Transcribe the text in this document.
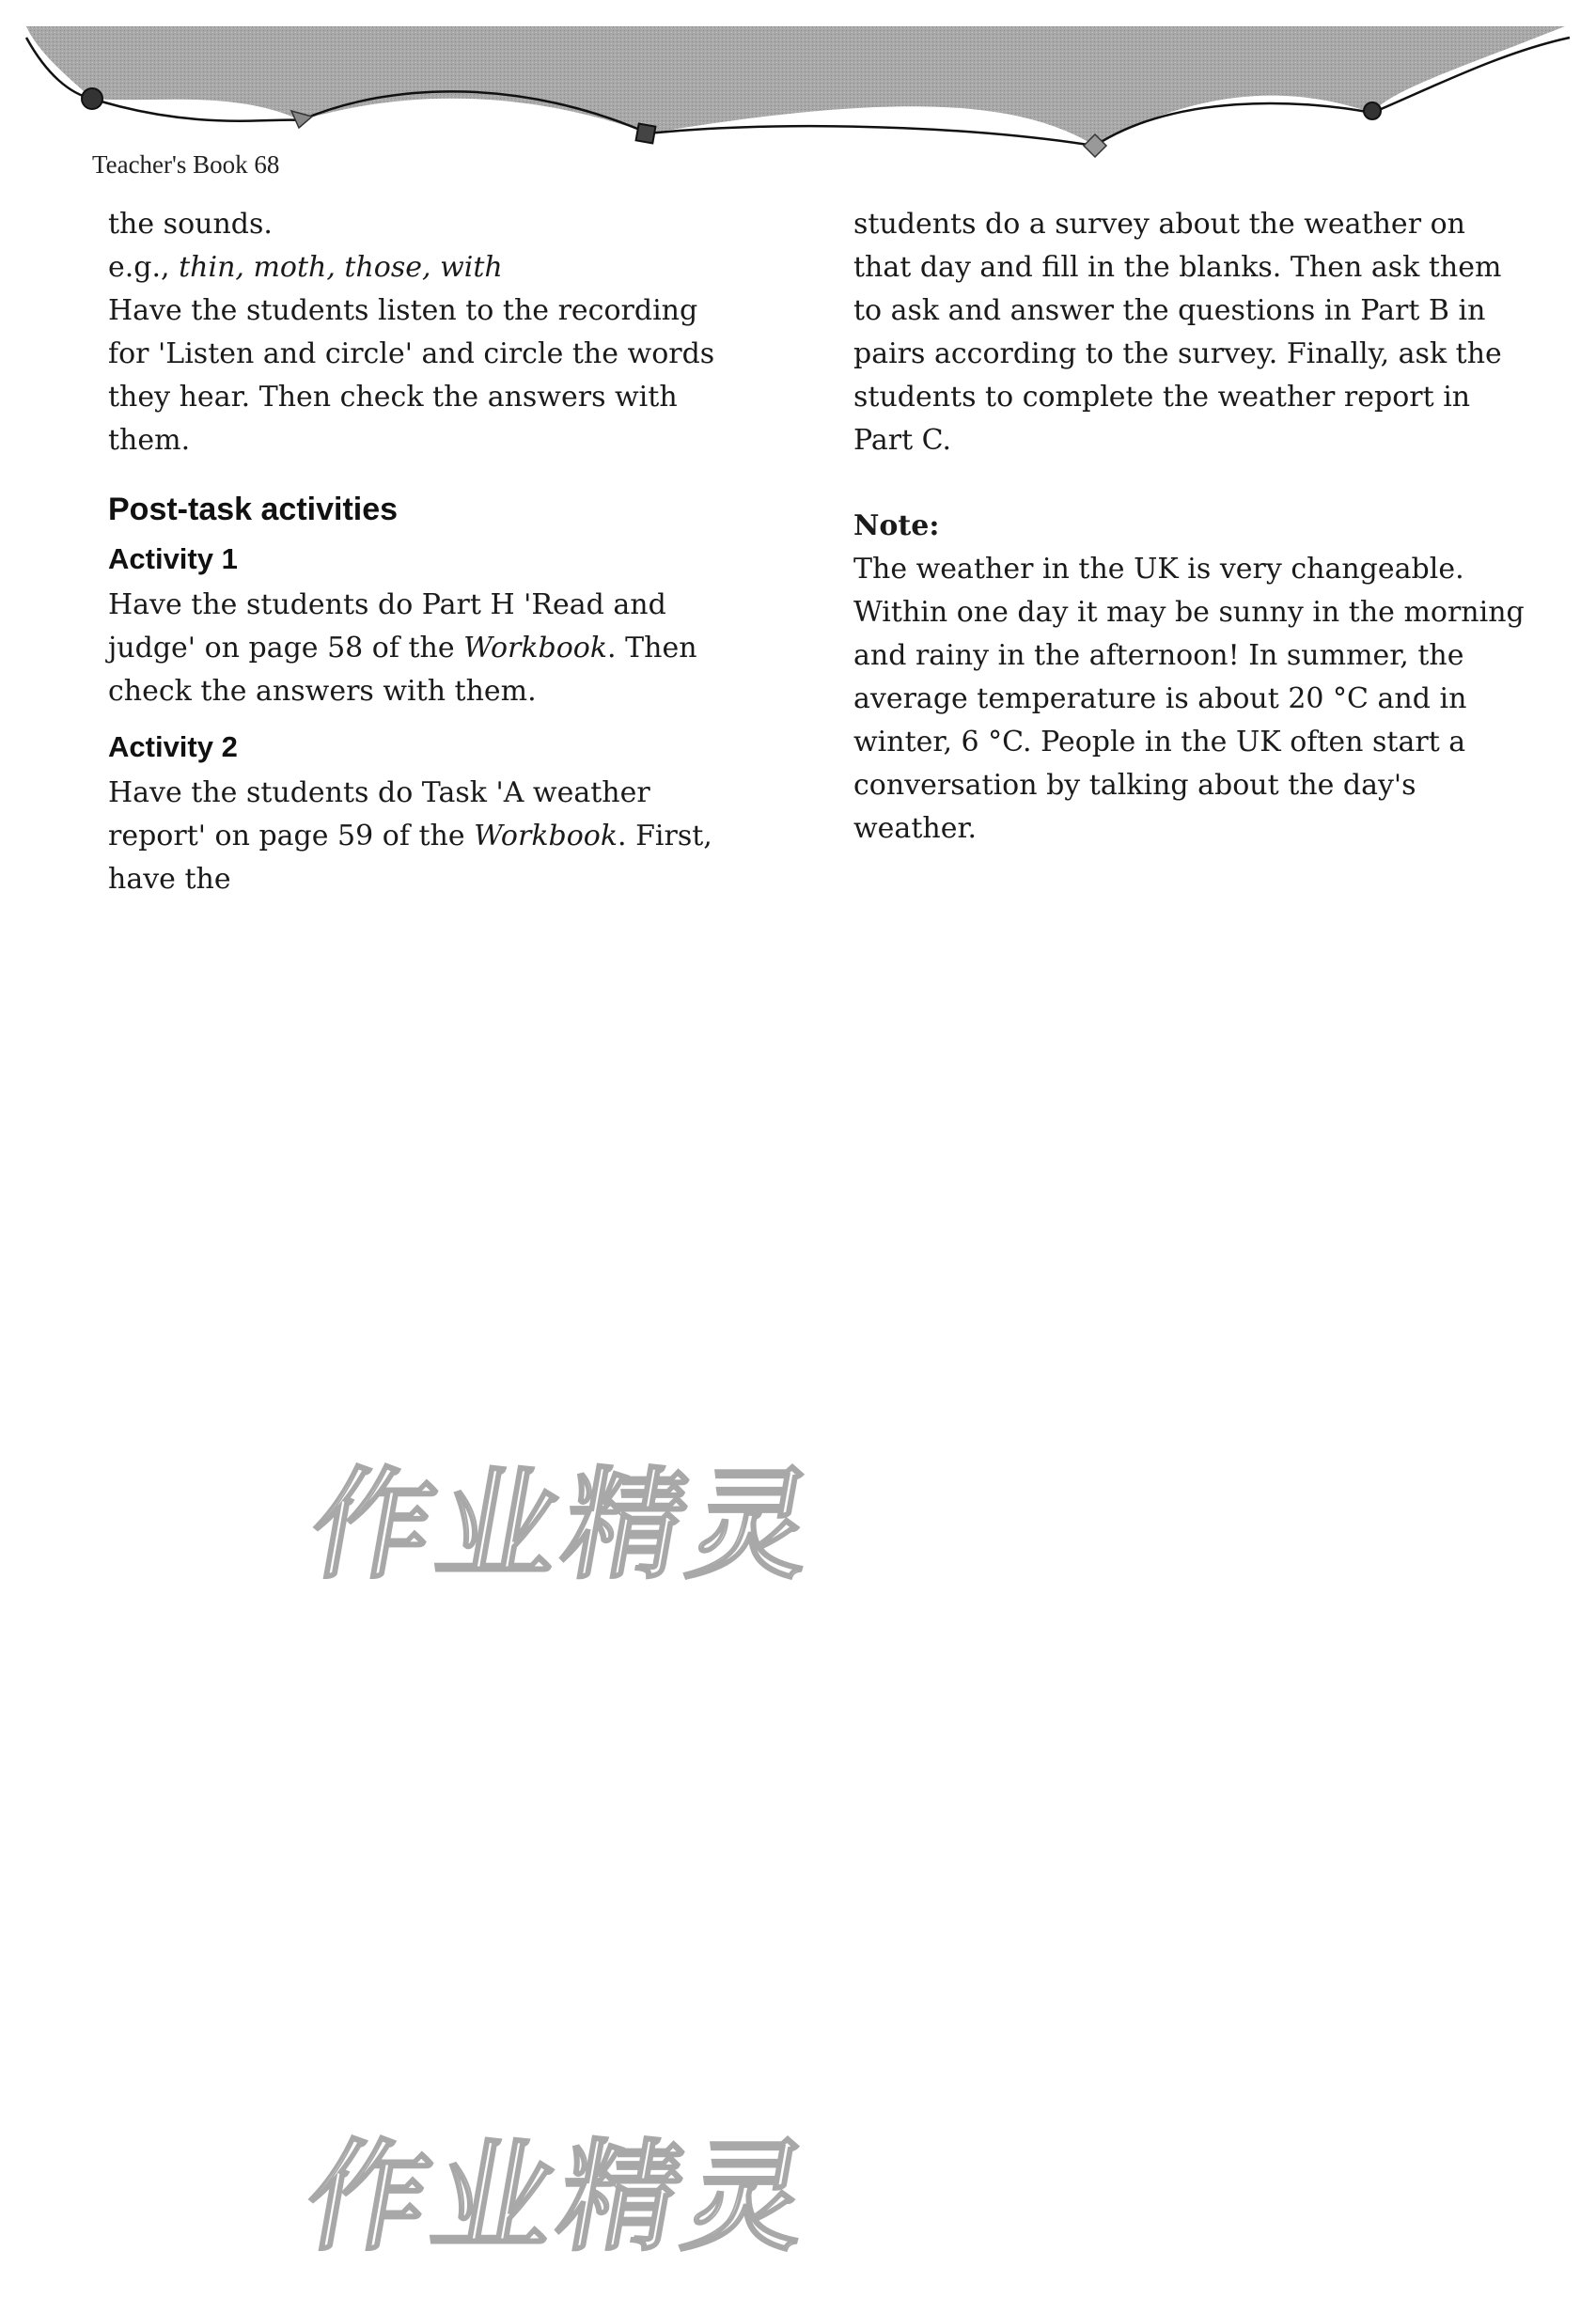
Teacher's Book 68

the sounds.

e.g., thin, moth, those, with

Have the students listen to the recording for 'Listen and circle' and circle the words they hear. Then check the answers with them.

Post-task activities
Activity 1

Have the students do Part H 'Read and judge' on page 58 of the Workbook. Then check the answers with them.

Activity 2

Have the students do Task 'A weather report' on page 59 of the Workbook. First, have the

students do a survey about the weather on that day and fill in the blanks. Then ask them to ask and answer the questions in Part B in pairs according to the survey. Finally, ask the students to complete the weather report in Part C.

Note:

The weather in the UK is very changeable. Within one day it may be sunny in the morning and rainy in the afternoon! In summer, the average temperature is about 20 °C and in winter, 6 °C. People in the UK often start a conversation by talking about the day's weather.

作业精灵
作业精灵
